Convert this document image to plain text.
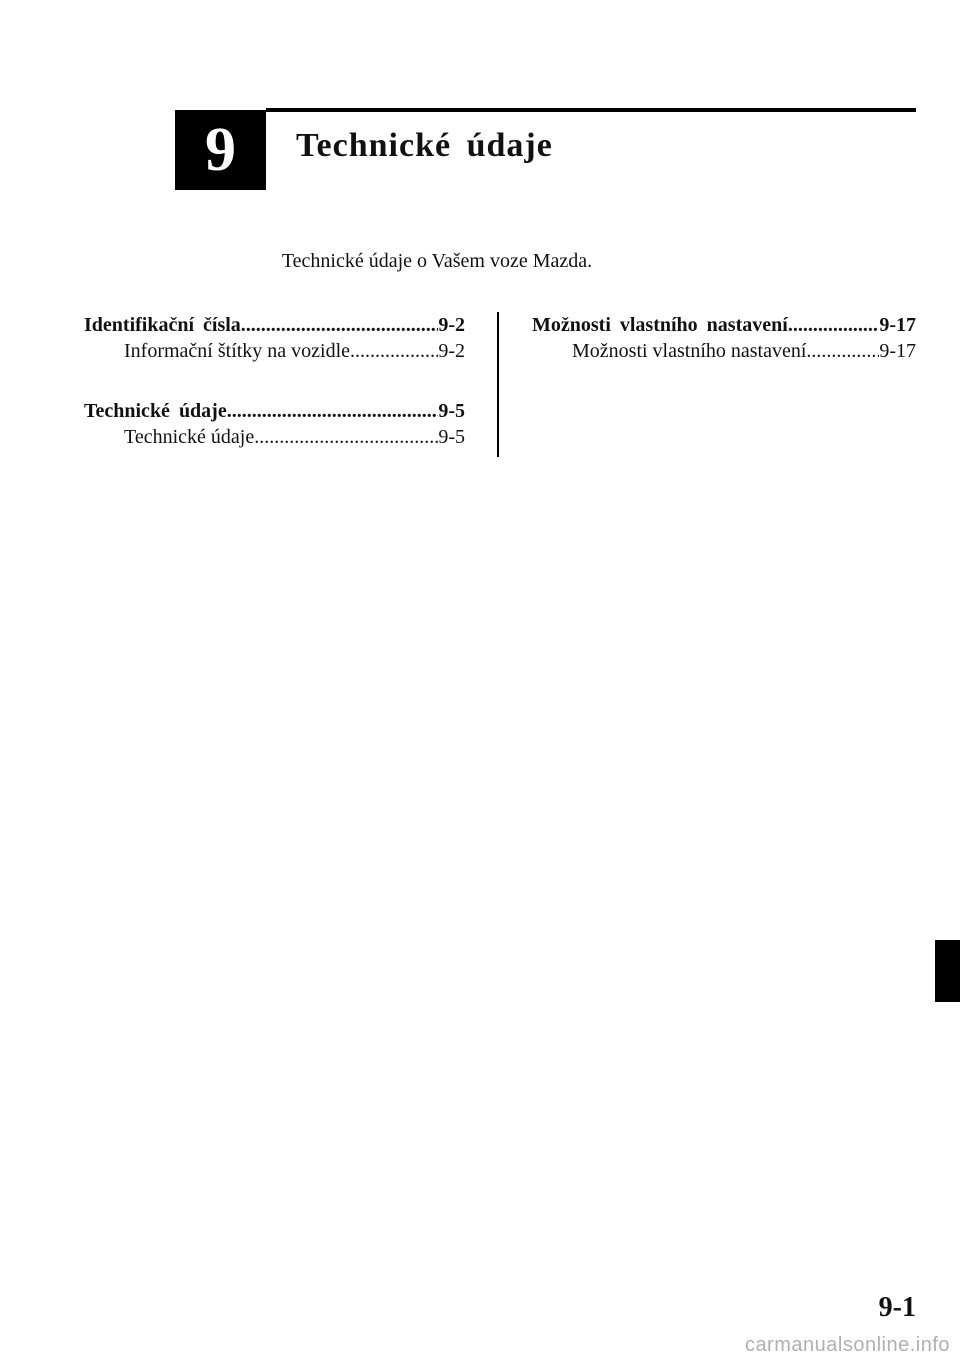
9 Technické údaje
Technické údaje o Vašem voze Mazda.
Identifikační čísla .....	9-2
Informační štítky na vozidle .....	9-2
Technické údaje .....	9-5
Technické údaje .....	9-5
Možnosti vlastního nastavení .....	9-17
Možnosti vlastního nastavení .....	9-17
9-1
carmanualsonline.info
